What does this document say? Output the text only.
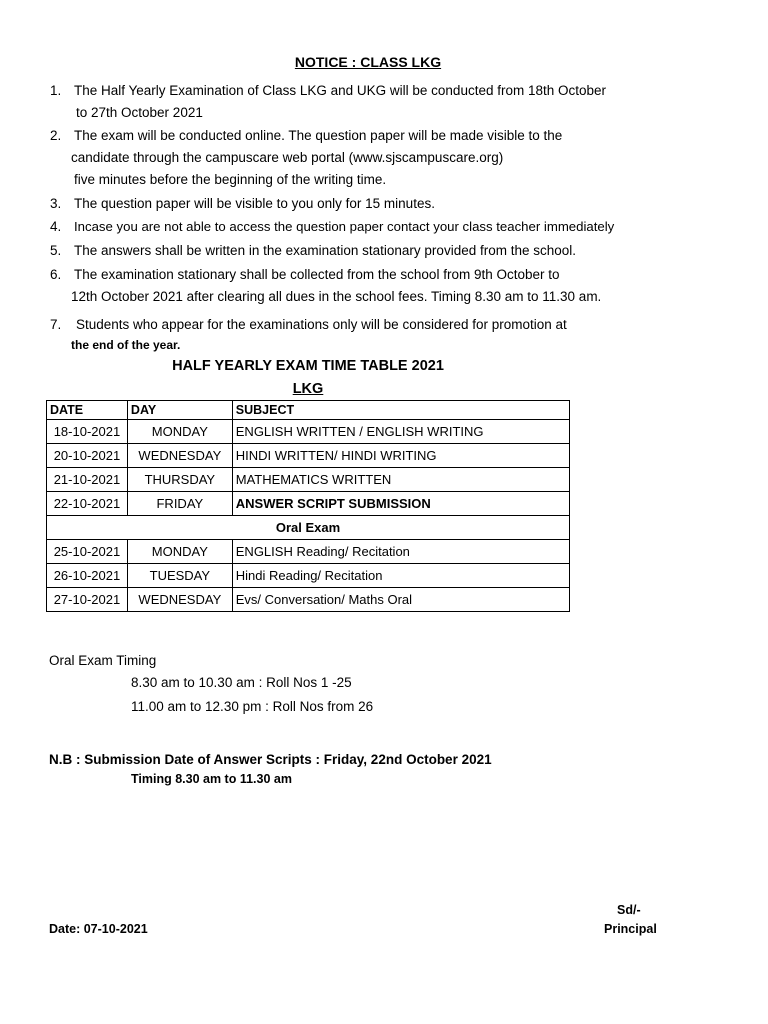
NOTICE : CLASS LKG
1. The Half Yearly Examination of Class LKG and UKG will be conducted from 18th October
to 27th October 2021
2. The exam will be conducted online. The question paper will be made visible to the
candidate through the campuscare web portal (www.sjscampuscare.org)
five minutes before the beginning of the writing time.
3. The question paper will be visible to you only for 15 minutes.
4. Incase you are not able to access the question paper contact your class teacher immediately
5. The answers shall be written in the examination stationary provided from the school.
6. The examination stationary shall be collected from the school from 9th October to
12th October 2021 after clearing all dues in the school fees. Timing 8.30 am to 11.30 am.
7. Students who appear for the examinations only will be considered for promotion at
the end of the year.
HALF YEARLY EXAM TIME TABLE 2021
LKG
DATE	DAY	SUBJECT
18-10-2021	MONDAY	ENGLISH WRITTEN / ENGLISH WRITING
20-10-2021	WEDNESDAY	HINDI WRITTEN/ HINDI WRITING
21-10-2021	THURSDAY	MATHEMATICS WRITTEN
22-10-2021	FRIDAY	ANSWER SCRIPT SUBMISSION
Oral Exam		
25-10-2021	MONDAY	ENGLISH Reading/ Recitation
26-10-2021	TUESDAY	Hindi Reading/ Recitation
27-10-2021	WEDNESDAY	Evs/ Conversation/ Maths Oral
Oral Exam Timing
8.30 am to 10.30 am : Roll Nos 1 -25
11.00 am to 12.30 pm : Roll Nos from 26
N.B : Submission Date of Answer Scripts : Friday, 22nd October 2021
Timing 8.30 am to 11.30 am
Sd/-
Principal
Date: 07-10-2021
